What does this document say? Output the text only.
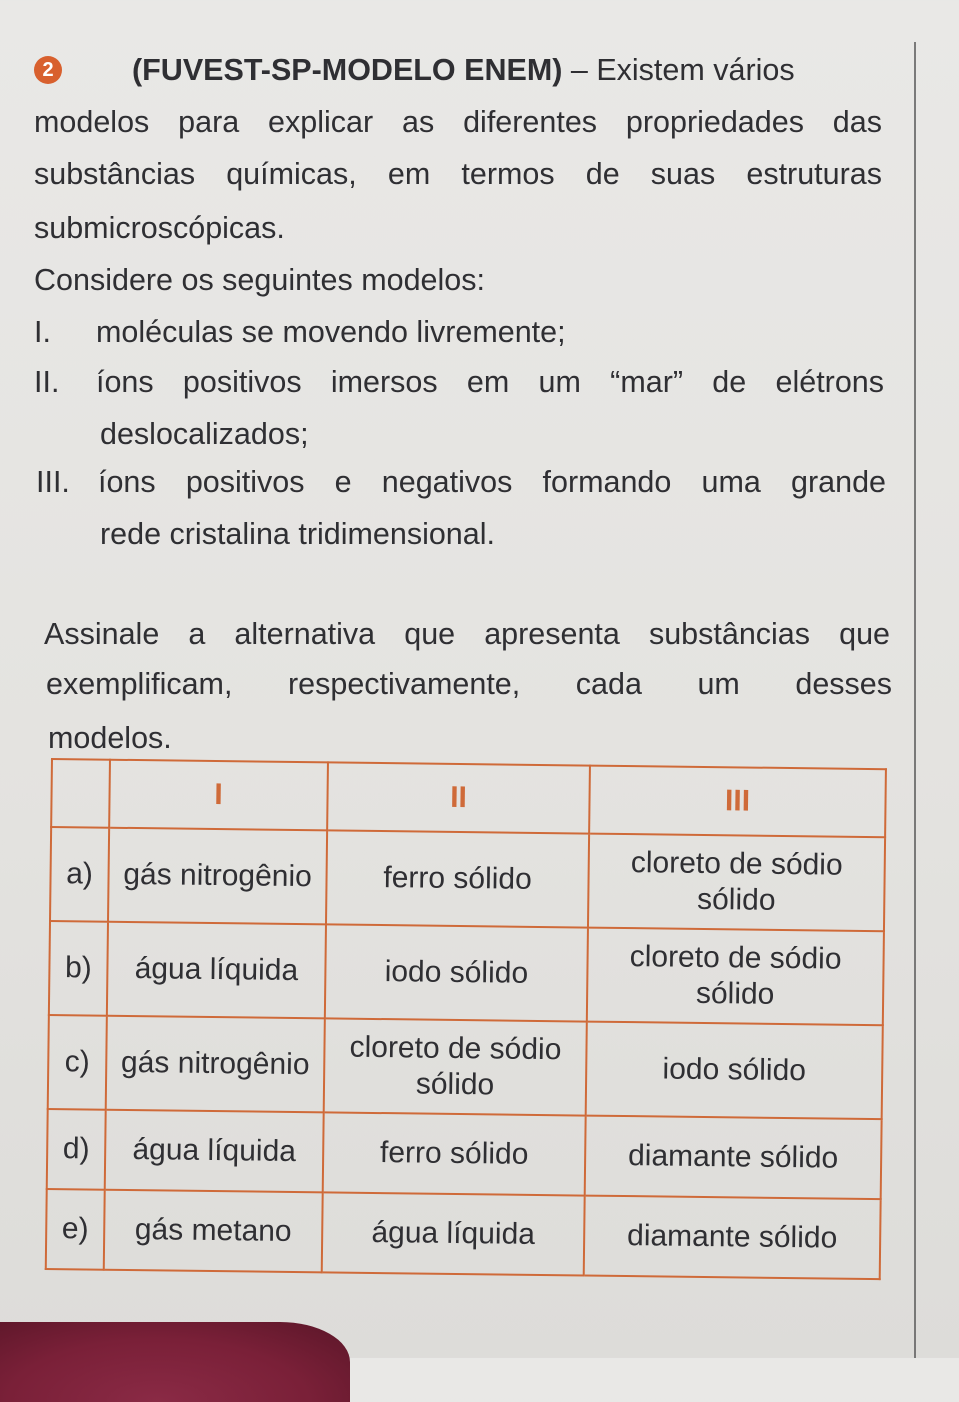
2	(FUVEST-SP-MODELO ENEM) – Existem vários

modelos para explicar as diferentes propriedades das

substâncias químicas, em termos de suas estruturas

submicroscópicas.

Considere os seguintes modelos:

I. moléculas se movendo livremente;

II. íons positivos imersos em um “mar” de elétrons

deslocalizados;

III. íons positivos e negativos formando uma grande

rede cristalina tridimensional.

Assinale a alternativa que apresenta substâncias que

exemplificam, respectivamente, cada um desses

modelos.

	I	II	III
a)	gás nitrogênio	ferro sólido	cloreto de sódio sólido
b)	água líquida	iodo sólido	cloreto de sódio sólido
c)	gás nitrogênio	cloreto de sódio sólido	iodo sólido
d)	água líquida	ferro sólido	diamante sólido
e)	gás metano	água líquida	diamante sólido
